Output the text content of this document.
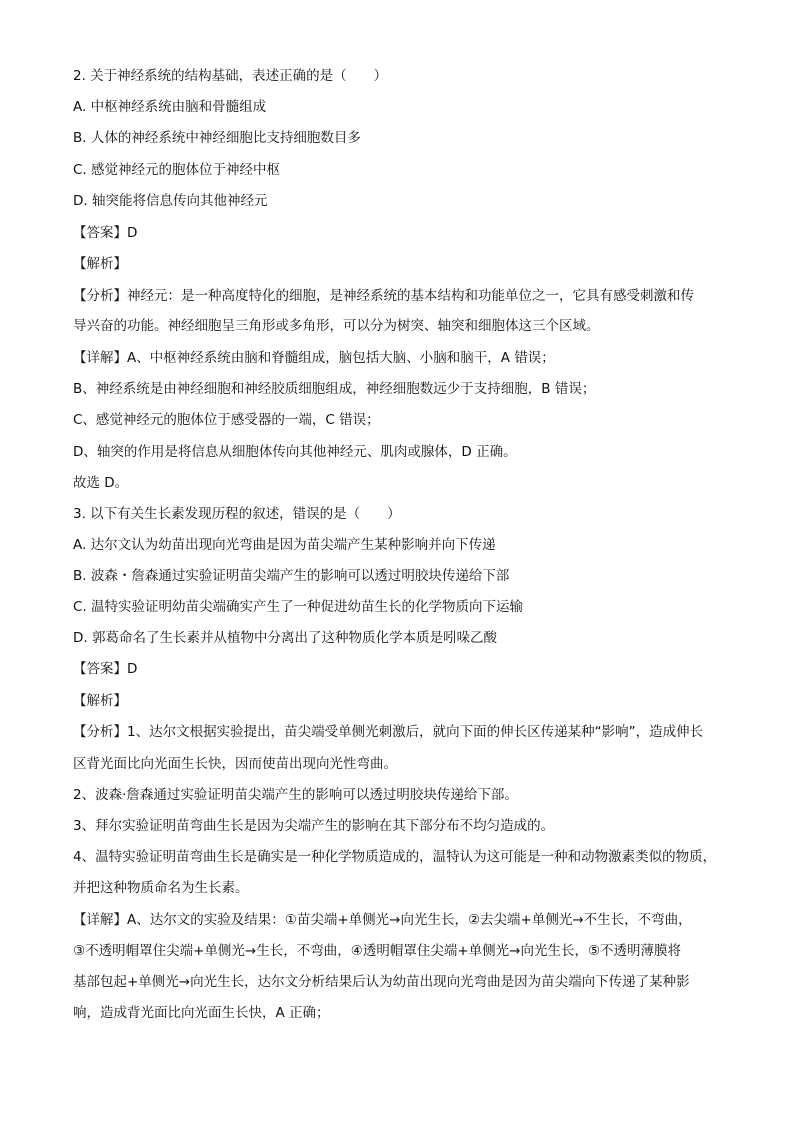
2. 关于神经系统的结构基础，表述正确的是（　　）
A. 中枢神经系统由脑和骨髓组成
B. 人体的神经系统中神经细胞比支持细胞数目多
C. 感觉神经元的胞体位于神经中枢
D. 轴突能将信息传向其他神经元
【答案】D
【解析】
【分析】神经元：是一种高度特化的细胞，是神经系统的基本结构和功能单位之一，它具有感受刺激和传
导兴奋的功能。神经细胞呈三角形或多角形，可以分为树突、轴突和细胞体这三个区域。
【详解】A、中枢神经系统由脑和脊髓组成，脑包括大脑、小脑和脑干，A 错误；
B、神经系统是由神经细胞和神经胶质细胞组成，神经细胞数远少于支持细胞，B 错误；
C、感觉神经元的胞体位于感受器的一端，C 错误；
D、轴突的作用是将信息从细胞体传向其他神经元、肌肉或腺体，D 正确。
故选 D。
3. 以下有关生长素发现历程的叙述，错误的是（　　）
A. 达尔文认为幼苗出现向光弯曲是因为苗尖端产生某种影响并向下传递
B. 波森・詹森通过实验证明苗尖端产生的影响可以透过明胶块传递给下部
C. 温特实验证明幼苗尖端确实产生了一种促进幼苗生长的化学物质向下运输
D. 郭葛命名了生长素并从植物中分离出了这种物质化学本质是吲哚乙酸
【答案】D
【解析】
【分析】1、达尔文根据实验提出，苗尖端受单侧光刺激后，就向下面的伸长区传递某种“影响”，造成伸长
区背光面比向光面生长快，因而使苗出现向光性弯曲。
2、波森·詹森通过实验证明苗尖端产生的影响可以透过明胶块传递给下部。
3、拜尔实验证明苗弯曲生长是因为尖端产生的影响在其下部分布不均匀造成的。
4、温特实验证明苗弯曲生长是确实是一种化学物质造成的，温特认为这可能是一种和动物激素类似的物质，
并把这种物质命名为生长素。
【详解】A、达尔文的实验及结果：①苗尖端+单侧光→向光生长，②去尖端+单侧光→不生长，不弯曲，
③不透明帽罩住尖端+单侧光→生长，不弯曲，④透明帽罩住尖端+单侧光→向光生长，⑤不透明薄膜将
基部包起+单侧光→向光生长，达尔文分析结果后认为幼苗出现向光弯曲是因为苗尖端向下传递了某种影
响，造成背光面比向光面生长快，A 正确；
